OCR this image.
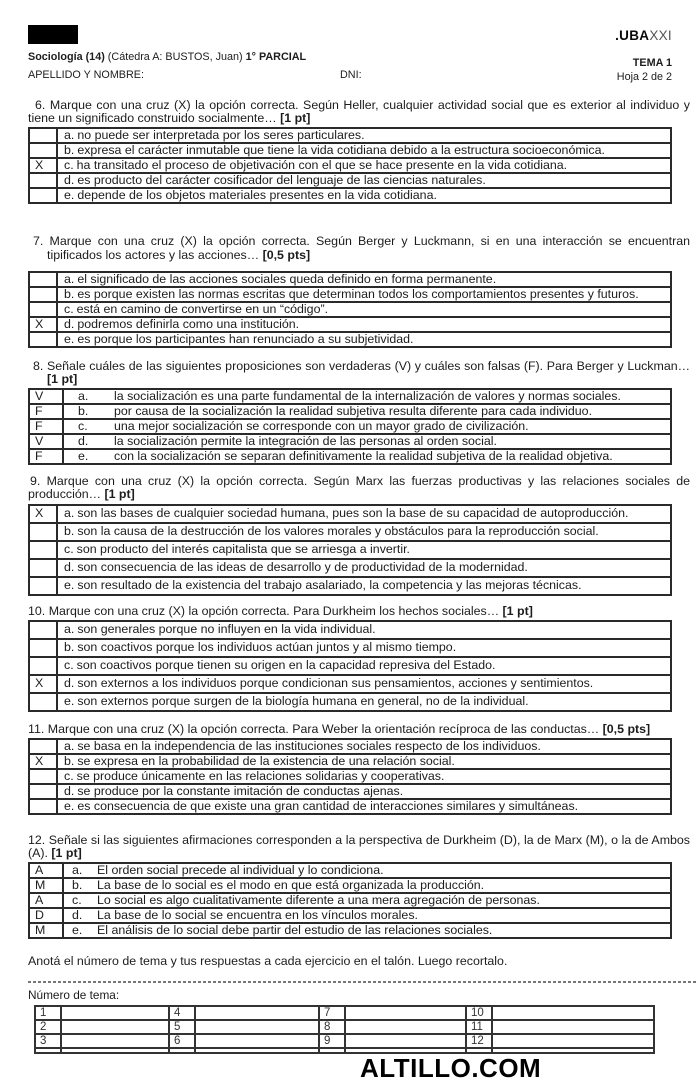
.UBAXXI
Sociología (14) (Cátedra A: BUSTOS, Juan) 1° PARCIAL	TEMA 1
Hoja 2 de 2
APELLIDO Y NOMBRE:	DNI:

6. Marque con una cruz (X) la opción correcta. Según Heller, cualquier actividad social que es exterior al individuo y tiene un significado construido socialmente… [1 pt]

	a. no puede ser interpretada por los seres particulares.
	b. expresa el carácter inmutable que tiene la vida cotidiana debido a la estructura socioeconómica.
X	c. ha transitado el proceso de objetivación con el que se hace presente en la vida cotidiana.
	d. es producto del carácter cosificador del lenguaje de las ciencias naturales.
	e. depende de los objetos materiales presentes en la vida cotidiana.

7. Marque con una cruz (X) la opción correcta. Según Berger y Luckmann, si en una interacción se encuentran tipificados los actores y las acciones… [0,5 pts]

	a. el significado de las acciones sociales queda definido en forma permanente.
	b. es porque existen las normas escritas que determinan todos los comportamientos presentes y futuros.
	c. está en camino de convertirse en un “código”.
X	d. podremos definirla como una institución.
	e. es porque los participantes han renunciado a su subjetividad.

8. Señale cuáles de las siguientes proposiciones son verdaderas (V) y cuáles son falsas (F). Para Berger y Luckman… [1 pt]

V	a. la socialización es una parte fundamental de la internalización de valores y normas sociales.
F	b. por causa de la socialización la realidad subjetiva resulta diferente para cada individuo.
F	c. una mejor socialización se corresponde con un mayor grado de civilización.
V	d. la socialización permite la integración de las personas al orden social.
F	e. con la socialización se separan definitivamente la realidad subjetiva de la realidad objetiva.

9. Marque con una cruz (X) la opción correcta. Según Marx las fuerzas productivas y las relaciones sociales de producción… [1 pt]

X	a. son las bases de cualquier sociedad humana, pues son la base de su capacidad de autoproducción.
	b. son la causa de la destrucción de los valores morales y obstáculos para la reproducción social.
	c. son producto del interés capitalista que se arriesga a invertir.
	d. son consecuencia de las ideas de desarrollo y de productividad de la modernidad.
	e. son resultado de la existencia del trabajo asalariado, la competencia y las mejoras técnicas.

10. Marque con una cruz (X) la opción correcta. Para Durkheim los hechos sociales… [1 pt]

	a. son generales porque no influyen en la vida individual.
	b. son coactivos porque los individuos actúan juntos y al mismo tiempo.
	c. son coactivos porque tienen su origen en la capacidad represiva del Estado.
X	d. son externos a los individuos porque condicionan sus pensamientos, acciones y sentimientos.
	e. son externos porque surgen de la biología humana en general, no de la individual.

11. Marque con una cruz (X) la opción correcta. Para Weber la orientación recíproca de las conductas… [0,5 pts]

	a. se basa en la independencia de las instituciones sociales respecto de los individuos.
X	b. se expresa en la probabilidad de la existencia de una relación social.
	c. se produce únicamente en las relaciones solidarias y cooperativas.
	d. se produce por la constante imitación de conductas ajenas.
	e. es consecuencia de que existe una gran cantidad de interacciones similares y simultáneas.

12. Señale si las siguientes afirmaciones corresponden a la perspectiva de Durkheim (D), la de Marx (M), o la de Ambos (A). [1 pt]

A	a. El orden social precede al individual y lo condiciona.
M	b. La base de lo social es el modo en que está organizada la producción.
A	c. Lo social es algo cualitativamente diferente a una mera agregación de personas.
D	d. La base de lo social se encuentra en los vínculos morales.
M	e. El análisis de lo social debe partir del estudio de las relaciones sociales.

Anotá el número de tema y tus respuestas a cada ejercicio en el talón. Luego recortalo.

Número de tema:
1		4		7		10	
2		5		8		11	
3		6		9		12	

ALTILLO.COM
